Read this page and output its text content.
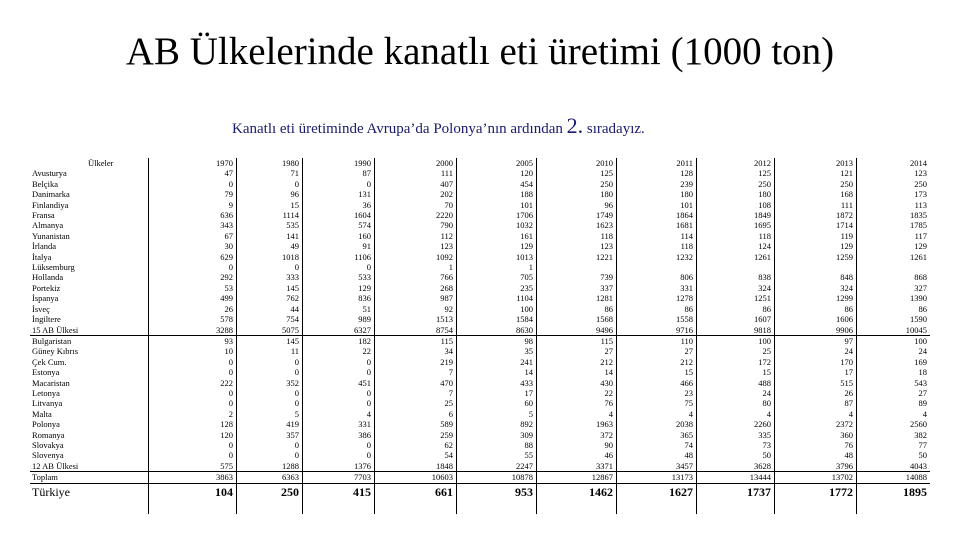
AB Ülkelerinde kanatlı eti üretimi (1000 ton)
Kanatlı eti üretiminde Avrupa’da Polonya’nın ardından 2. sıradayız.
Ülkeler	1970	1980	1990	2000	2005	2010	2011	2012	2013	2014
Avusturya	47	71	87	111	120	125	128	125	121	123
Belçika	0	0	0	407	454	250	239	250	250	250
Danimarka	79	96	131	202	188	180	180	180	168	173
Finlandiya	9	15	36	70	101	96	101	108	111	113
Fransa	636	1114	1604	2220	1706	1749	1864	1849	1872	1835
Almanya	343	535	574	790	1032	1623	1681	1695	1714	1785
Yunanistan	67	141	160	112	161	118	114	118	119	117
İrlanda	30	49	91	123	129	123	118	124	129	129
İtalya	629	1018	1106	1092	1013	1221	1232	1261	1259	1261
Lüksemburg	0	0	0	1	1					
Hollanda	292	333	533	766	705	739	806	838	848	868
Portekiz	53	145	129	268	235	337	331	324	324	327
İspanya	499	762	836	987	1104	1281	1278	1251	1299	1390
İsveç	26	44	51	92	100	86	86	86	86	86
İngiltere	578	754	989	1513	1584	1568	1558	1607	1606	1590
15 AB Ülkesi	3288	5075	6327	8754	8630	9496	9716	9818	9906	10045
Bulgaristan	93	145	182	115	98	115	110	100	97	100
Güney Kıbrıs	10	11	22	34	35	27	27	25	24	24
Çek Cum.	0	0	0	219	241	212	212	172	170	169
Estonya	0	0	0	7	14	14	15	15	17	18
Macaristan	222	352	451	470	433	430	466	488	515	543
Letonya	0	0	0	7	17	22	23	24	26	27
Litvanya	0	0	0	25	60	76	75	80	87	89
Malta	2	5	4	6	5	4	4	4	4	4
Polonya	128	419	331	589	892	1963	2038	2260	2372	2560
Romanya	120	357	386	259	309	372	365	335	360	382
Slovakya	0	0	0	62	88	90	74	73	76	77
Slovenya	0	0	0	54	55	46	48	50	48	50
12 AB Ülkesi	575	1288	1376	1848	2247	3371	3457	3628	3796	4043
Toplam	3863	6363	7703	10603	10878	12867	13173	13444	13702	14088
Türkiye	104	250	415	661	953	1462	1627	1737	1772	1895
